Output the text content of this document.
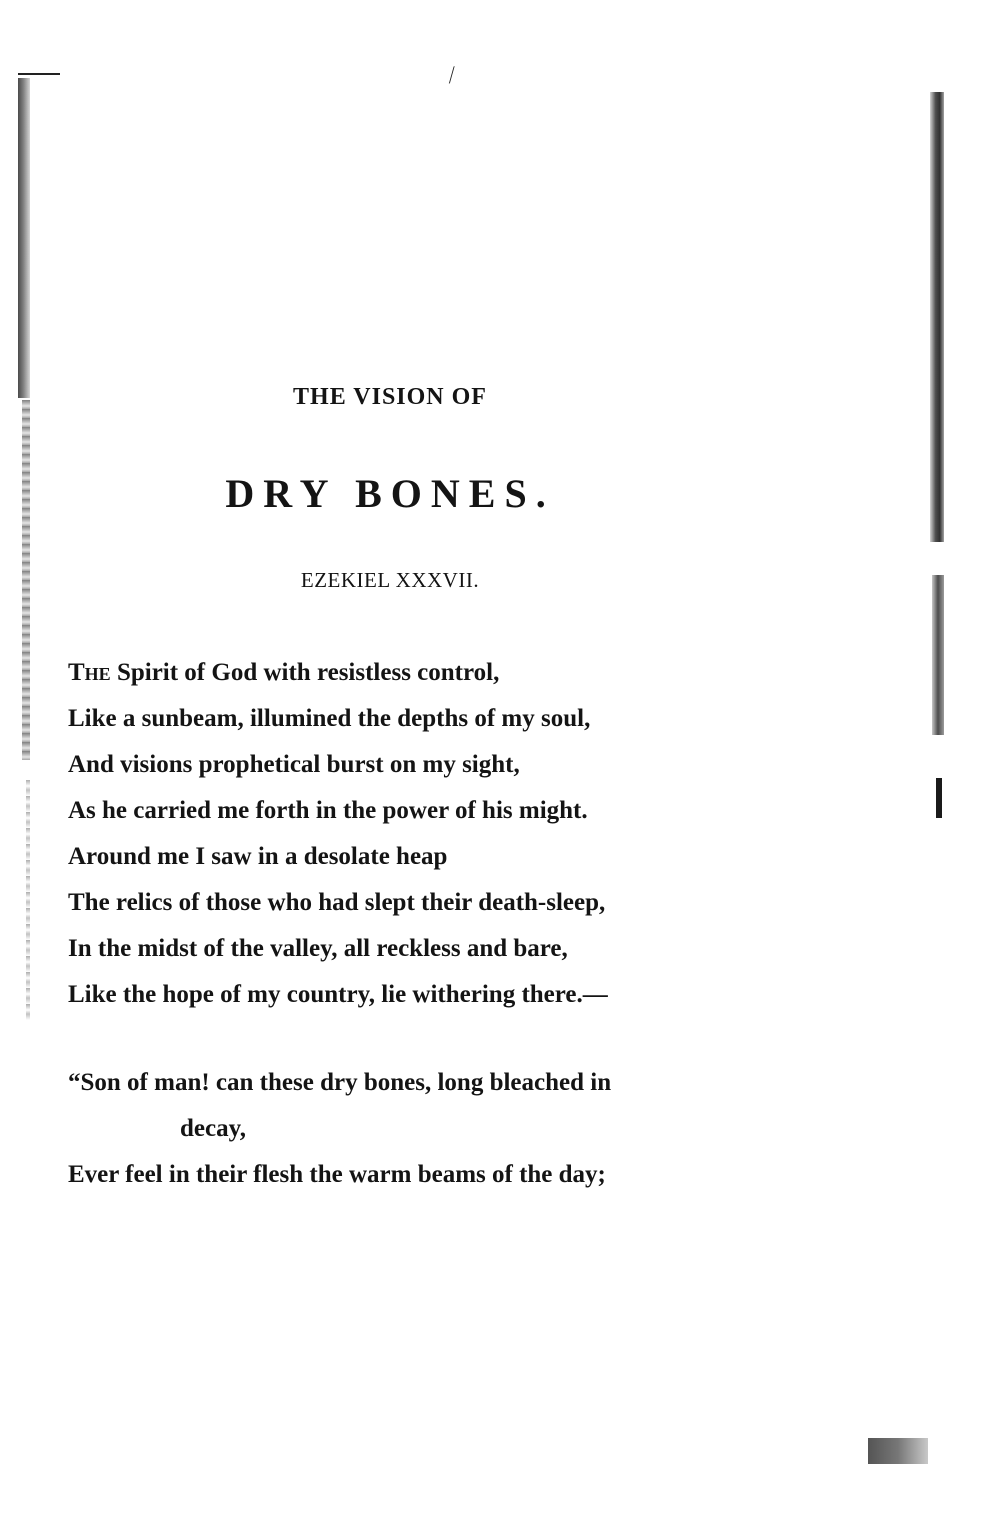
⁄
THE VISION OF
DRY BONES.
EZEKIEL XXXVII.
The Spirit of God with resistless control,
Like a sunbeam, illumined the depths of my soul,
And visions prophetical burst on my sight,
As he carried me forth in the power of his might.
Around me I saw in a desolate heap
The relics of those who had slept their death-sleep,
In the midst of the valley, all reckless and bare,
Like the hope of my country, lie withering there.—
“Son of man! can these dry bones, long bleached in
decay,
Ever feel in their flesh the warm beams of the day;
